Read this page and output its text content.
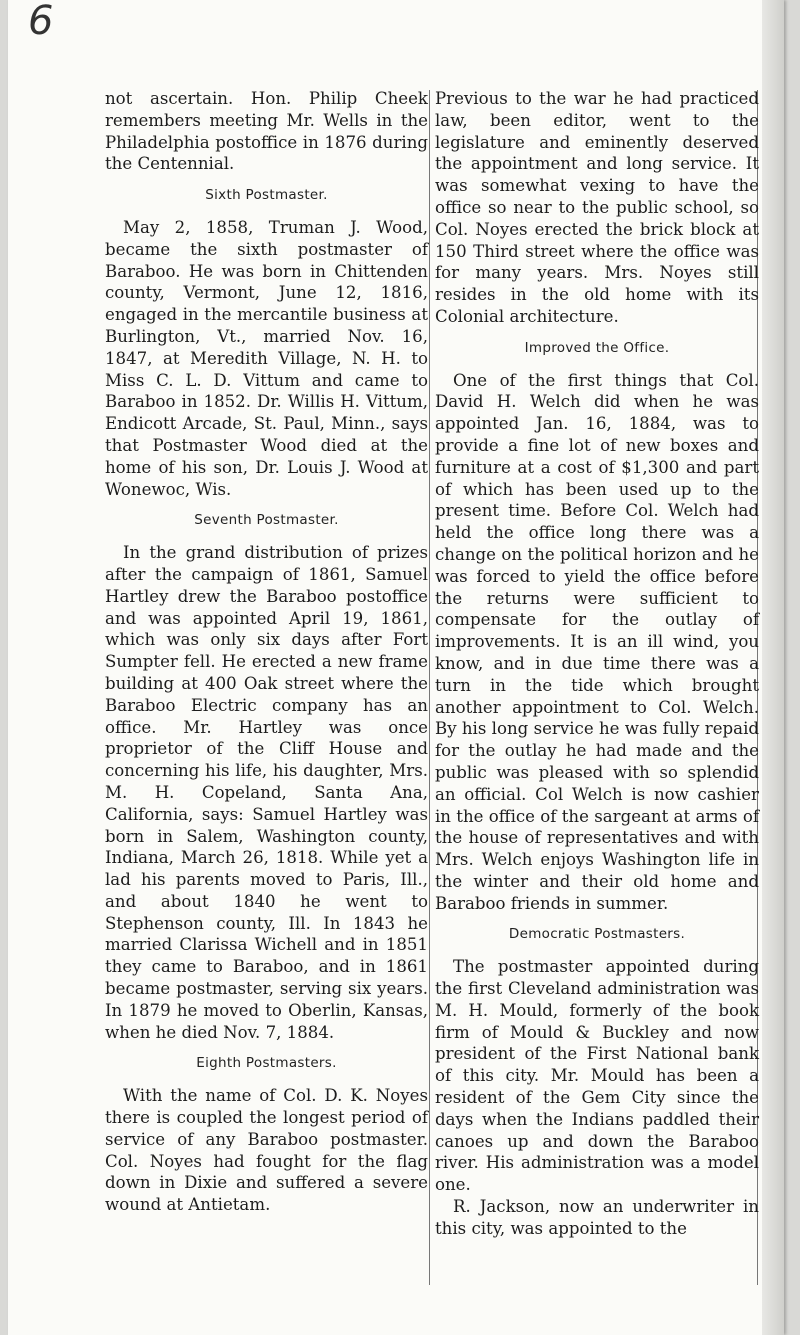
6

not ascertain. Hon. Philip Cheek remembers meeting Mr. Wells in the Philadelphia postoffice in 1876 during the Centennial.

Sixth Postmaster.

May 2, 1858, Truman J. Wood, became the sixth postmaster of Baraboo. He was born in Chittenden county, Vermont, June 12, 1816, engaged in the mercantile business at Burlington, Vt., married Nov. 16, 1847, at Meredith Village, N. H. to Miss C. L. D. Vittum and came to Baraboo in 1852. Dr. Willis H. Vittum, Endicott Arcade, St. Paul, Minn., says that Postmaster Wood died at the home of his son, Dr. Louis J. Wood at Wonewoc, Wis.

Seventh Postmaster.

In the grand distribution of prizes after the campaign of 1861, Samuel Hartley drew the Baraboo postoffice and was appointed April 19, 1861, which was only six days after Fort Sumpter fell. He erected a new frame building at 400 Oak street where the Baraboo Electric company has an office. Mr. Hartley was once proprietor of the Cliff House and concerning his life, his daughter, Mrs. M. H. Copeland, Santa Ana, California, says: Samuel Hartley was born in Salem, Washington county, Indiana, March 26, 1818. While yet a lad his parents moved to Paris, Ill., and about 1840 he went to Stephenson county, Ill. In 1843 he married Clarissa Wichell and in 1851 they came to Baraboo, and in 1861 became postmaster, serving six years. In 1879 he moved to Oberlin, Kansas, when he died Nov. 7, 1884.

Eighth Postmasters.

With the name of Col. D. K. Noyes there is coupled the longest period of service of any Baraboo postmaster. Col. Noyes had fought for the flag down in Dixie and suffered a severe wound at Antietam.

Previous to the war he had practiced law, been editor, went to the legislature and eminently deserved the appointment and long service. It was somewhat vexing to have the office so near to the public school, so Col. Noyes erected the brick block at 150 Third street where the office was for many years. Mrs. Noyes still resides in the old home with its Colonial architecture.

Improved the Office.

One of the first things that Col. David H. Welch did when he was appointed Jan. 16, 1884, was to provide a fine lot of new boxes and furniture at a cost of $1,300 and part of which has been used up to the present time. Before Col. Welch had held the office long there was a change on the political horizon and he was forced to yield the office before the returns were sufficient to compensate for the outlay of improvements. It is an ill wind, you know, and in due time there was a turn in the tide which brought another appointment to Col. Welch. By his long service he was fully repaid for the outlay he had made and the public was pleased with so splendid an official. Col Welch is now cashier in the office of the sargeant at arms of the house of representatives and with Mrs. Welch enjoys Washington life in the winter and their old home and Baraboo friends in summer.

Democratic Postmasters.

The postmaster appointed during the first Cleveland administration was M. H. Mould, formerly of the book firm of Mould & Buckley and now president of the First National bank of this city. Mr. Mould has been a resident of the Gem City since the days when the Indians paddled their canoes up and down the Baraboo river. His administration was a model one.

R. Jackson, now an underwriter in this city, was appointed to the
